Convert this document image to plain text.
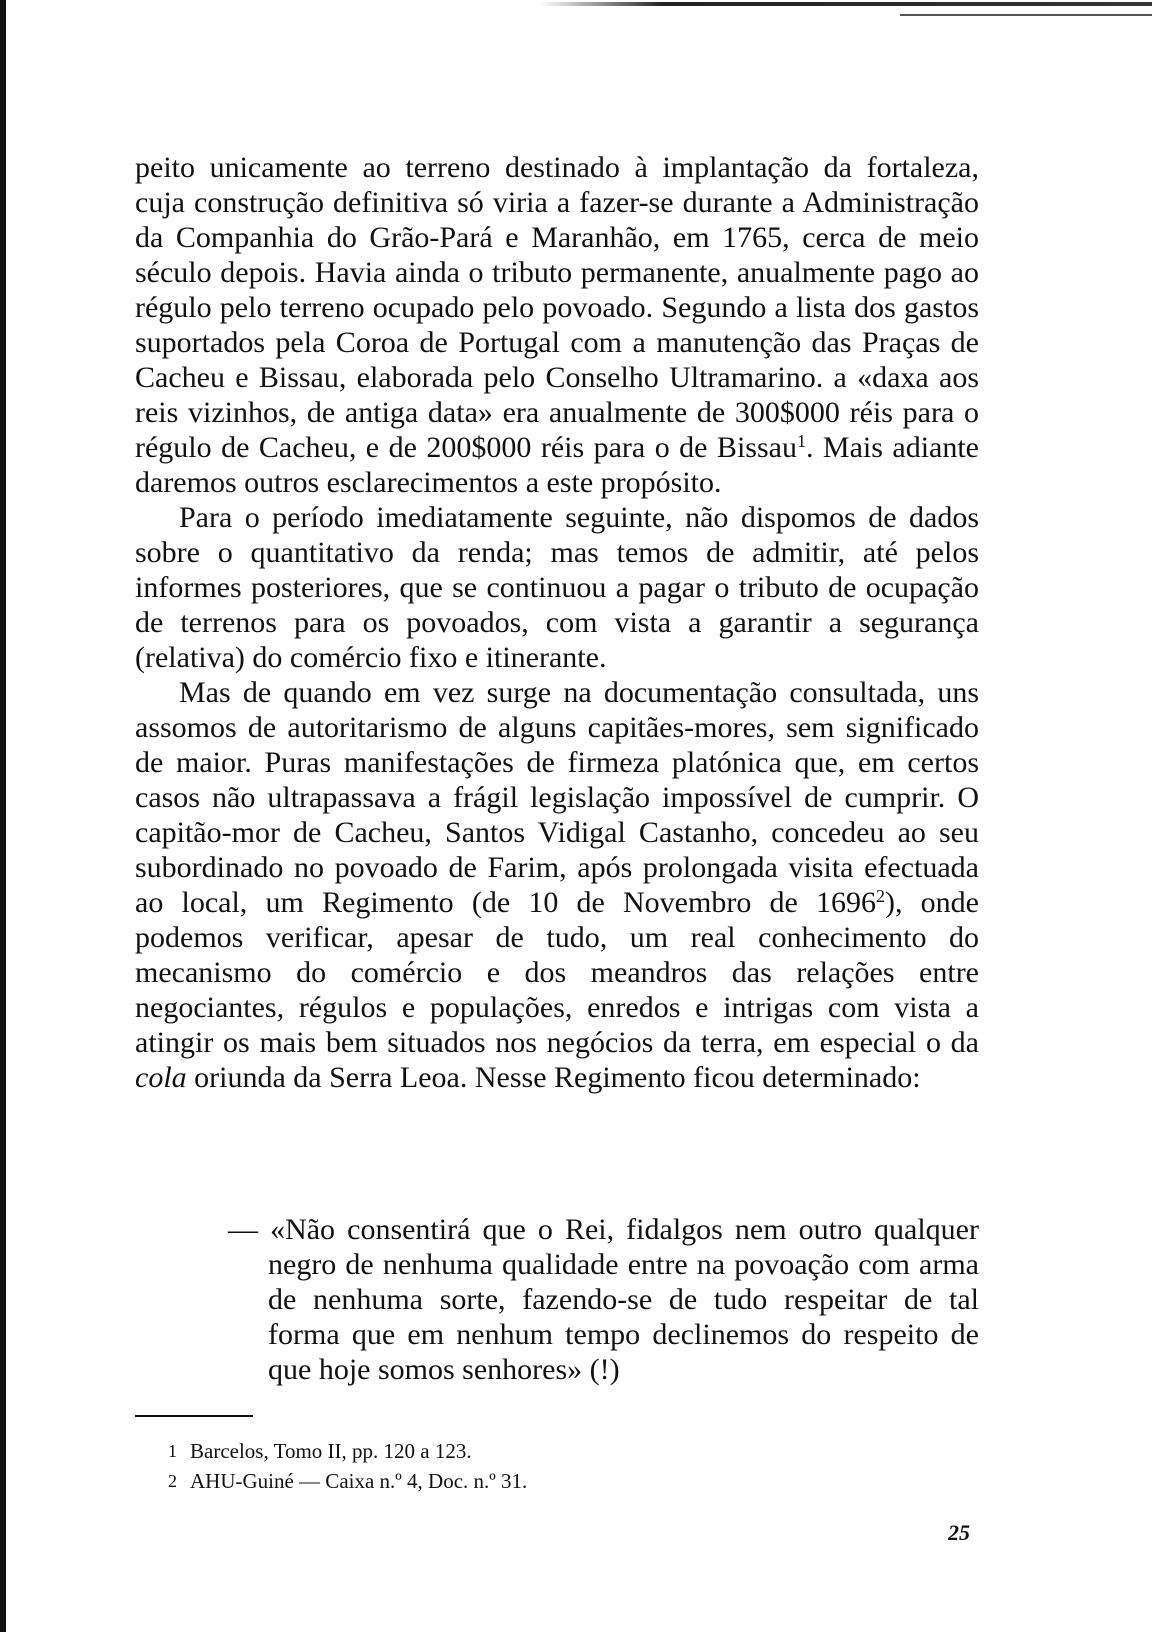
peito unicamente ao terreno destinado à implantação da fortaleza, cuja construção definitiva só viria a fazer-se durante a Administração da Companhia do Grão-Pará e Maranhão, em 1765, cerca de meio século depois. Havia ainda o tributo permanente, anualmente pago ao régulo pelo terreno ocupado pelo povoado. Segundo a lista dos gastos suportados pela Coroa de Portugal com a manutenção das Praças de Cacheu e Bissau, elaborada pelo Conselho Ultramarino. a «daxa aos reis vizinhos, de antiga data» era anualmente de 300$000 réis para o régulo de Cacheu, e de 200$000 réis para o de Bissau$^1$. Mais adiante daremos outros esclarecimentos a este propósito.

Para o período imediatamente seguinte, não dispomos de dados sobre o quantitativo da renda; mas temos de admitir, até pelos informes posteriores, que se continuou a pagar o tributo de ocupação de terrenos para os povoados, com vista a garantir a segurança (relativa) do comércio fixo e itinerante.

Mas de quando em vez surge na documentação consultada, uns assomos de autoritarismo de alguns capitães-mores, sem significado de maior. Puras manifestações de firmeza platónica que, em certos casos não ultrapassava a frágil legislação impossível de cumprir. O capitão-mor de Cacheu, Santos Vidigal Castanho, concedeu ao seu subordinado no povoado de Farim, após prolongada visita efectuada ao local, um Regimento (de 10 de Novembro de 1696$^2$), onde podemos verificar, apesar de tudo, um real conhecimento do mecanismo do comércio e dos meandros das relações entre negociantes, régulos e populações, enredos e intrigas com vista a atingir os mais bem situados nos negócios da terra, em especial o da cola oriunda da Serra Leoa. Nesse Regimento ficou determinado:

— «Não consentirá que o Rei, fidalgos nem outro qualquer negro de nenhuma qualidade entre na povoação com arma de nenhuma sorte, fazendo-se de tudo respeitar de tal forma que em nenhum tempo declinemos do respeito de que hoje somos senhores» (!)

1 Barcelos, Tomo II, pp. 120 a 123.
2 AHU-Guiné — Caixa n.º 4, Doc. n.º 31.
25
